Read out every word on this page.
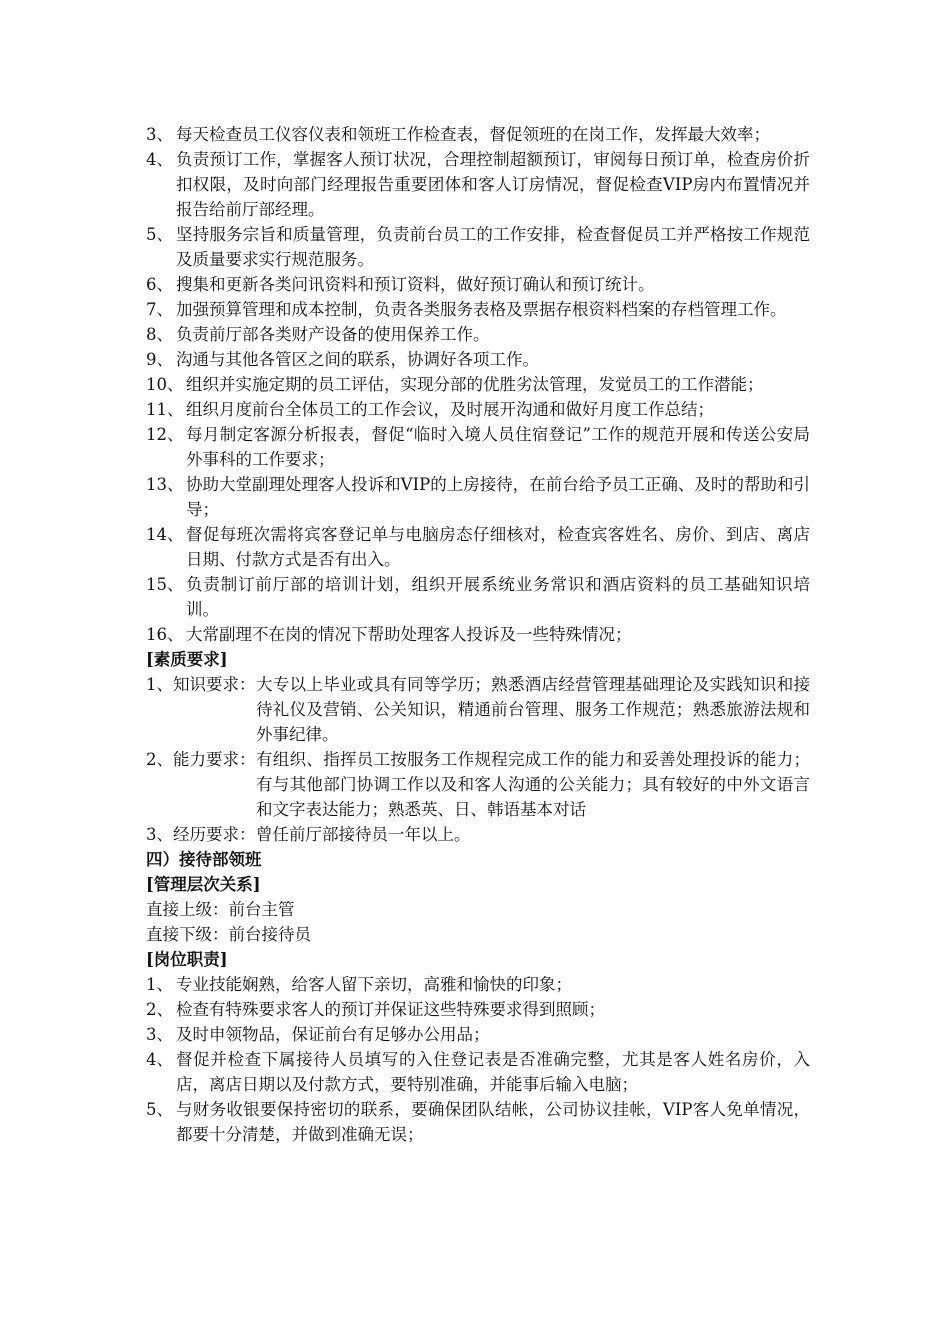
3、 每天检查员工仪容仪表和领班工作检查表，督促领班的在岗工作，发挥最大效率；
4、 负责预订工作，掌握客人预订状况，合理控制超额预订，审阅每日预订单，检查房价折扣权限，及时向部门经理报告重要团体和客人订房情况，督促检查VIP房内布置情况并报告给前厅部经理。
5、 坚持服务宗旨和质量管理，负责前台员工的工作安排，检查督促员工并严格按工作规范及质量要求实行规范服务。
6、 搜集和更新各类问讯资料和预订资料，做好预订确认和预订统计。
7、 加强预算管理和成本控制，负责各类服务表格及票据存根资料档案的存档管理工作。
8、 负责前厅部各类财产设备的使用保养工作。
9、 沟通与其他各管区之间的联系，协调好各项工作。
10、 组织并实施定期的员工评估，实现分部的优胜劣汰管理，发觉员工的工作潜能；
11、 组织月度前台全体员工的工作会议，及时展开沟通和做好月度工作总结；
12、 每月制定客源分析报表，督促“临时入境人员住宿登记”工作的规范开展和传送公安局外事科的工作要求；
13、 协助大堂副理处理客人投诉和VIP的上房接待，在前台给予员工正确、及时的帮助和引导；
14、 督促每班次需将宾客登记单与电脑房态仔细核对，检查宾客姓名、房价、到店、离店日期、付款方式是否有出入。
15、 负责制订前厅部的培训计划，组织开展系统业务常识和酒店资料的员工基础知识培训。
16、 大常副理不在岗的情况下帮助处理客人投诉及一些特殊情况；
[素质要求]
1、知识要求： 大专以上毕业或具有同等学历；熟悉酒店经营管理基础理论及实践知识和接待礼仪及营销、公关知识，精通前台管理、服务工作规范；熟悉旅游法规和外事纪律。
2、能力要求： 有组织、指挥员工按服务工作规程完成工作的能力和妥善处理投诉的能力；有与其他部门协调工作以及和客人沟通的公关能力；具有较好的中外文语言和文字表达能力；熟悉英、日、韩语基本对话
3、经历要求： 曾任前厅部接待员一年以上。
四）接待部领班
[管理层次关系]
直接上级：前台主管
直接下级：前台接待员
[岗位职责]
1、 专业技能娴熟，给客人留下亲切，高雅和愉快的印象；
2、 检查有特殊要求客人的预订并保证这些特殊要求得到照顾；
3、 及时申领物品，保证前台有足够办公用品；
4、 督促并检查下属接待人员填写的入住登记表是否准确完整，尤其是客人姓名房价，入店，离店日期以及付款方式，要特别准确，并能事后输入电脑；
5、 与财务收银要保持密切的联系，要确保团队结帐，公司协议挂帐，VIP客人免单情况，都要十分清楚，并做到准确无误；
